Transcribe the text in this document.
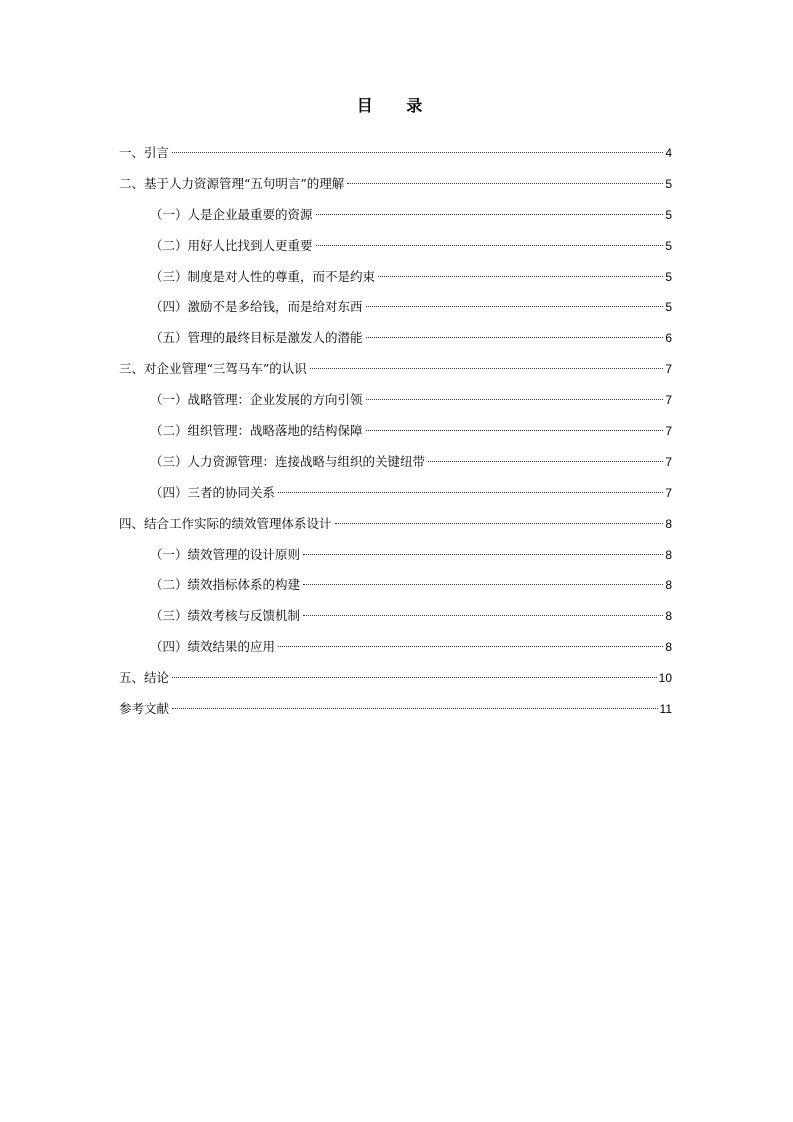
目 录
一、引言	4
二、基于人力资源管理“五句明言”的理解	5
（一）人是企业最重要的资源	5
（二）用好人比找到人更重要	5
（三）制度是对人性的尊重，而不是约束	5
（四）激励不是多给钱，而是给对东西	5
（五）管理的最终目标是激发人的潜能	6
三、对企业管理“三驾马车”的认识	7
（一）战略管理：企业发展的方向引领	7
（二）组织管理：战略落地的结构保障	7
（三）人力资源管理：连接战略与组织的关键纽带	7
（四）三者的协同关系	7
四、结合工作实际的绩效管理体系设计	8
（一）绩效管理的设计原则	8
（二）绩效指标体系的构建	8
（三）绩效考核与反馈机制	8
（四）绩效结果的应用	8
五、结论	10
参考文献	11
